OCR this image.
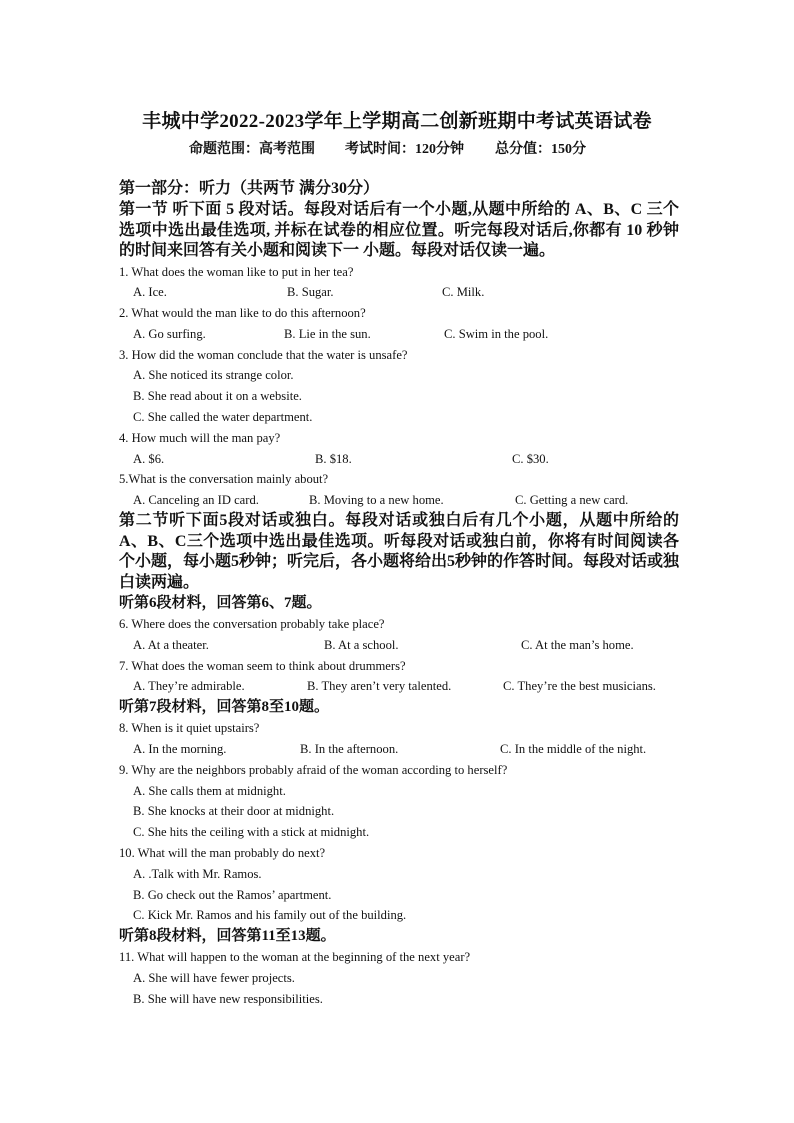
丰城中学2022-2023学年上学期高二创新班期中考试英语试卷
命题范围：高考范围 考试时间：120分钟 总分值：150分

第一部分：听力（共两节 满分30分）

第一节 听下面 5 段对话。每段对话后有一个小题,从题中所给的 A、B、C 三个选项中选出最佳选项, 并标在试卷的相应位置。听完每段对话后,你都有 10 秒钟的时间来回答有关小题和阅读下一 小题。每段对话仅读一遍。

1. What does the woman like to put in her tea?

A. Ice.	B. Sugar.	C. Milk.

2. What would the man like to do this afternoon?

A. Go surfing.	B. Lie in the sun.	C. Swim in the pool.

3. How did the woman conclude that the water is unsafe?

A. She noticed its strange color.

B. She read about it on a website.

C. She called the water department.

4. How much will the man pay?

A. $6.	B. $18.	C. $30.

5.What is the conversation mainly about?

A. Canceling an ID card.	B. Moving to a new home.	C. Getting a new card.

第二节听下面5段对话或独白。每段对话或独白后有几个小题，从题中所给的A、B、C三个选项中选出最佳选项。听每段对话或独白前，你将有时间阅读各个小题，每小题5秒钟；听完后，各小题将给出5秒钟的作答时间。每段对话或独白读两遍。

听第6段材料，回答第6、7题。

6. Where does the conversation probably take place?

A. At a theater.	B. At a school.	C. At the man’s home.

7. What does the woman seem to think about drummers?

A. They’re admirable.	B. They aren’t very talented.	C. They’re the best musicians.

听第7段材料，回答第8至10题。

8. When is it quiet upstairs?

A. In the morning.	B. In the afternoon.	C. In the middle of the night.

9. Why are the neighbors probably afraid of the woman according to herself?

A. She calls them at midnight.

B. She knocks at their door at midnight.

C. She hits the ceiling with a stick at midnight.

10. What will the man probably do next?

A. .Talk with Mr. Ramos.

B. Go check out the Ramos’ apartment.

C. Kick Mr. Ramos and his family out of the building.

听第8段材料，回答第11至13题。

11. What will happen to the woman at the beginning of the next year?

A. She will have fewer projects.

B. She will have new responsibilities.
